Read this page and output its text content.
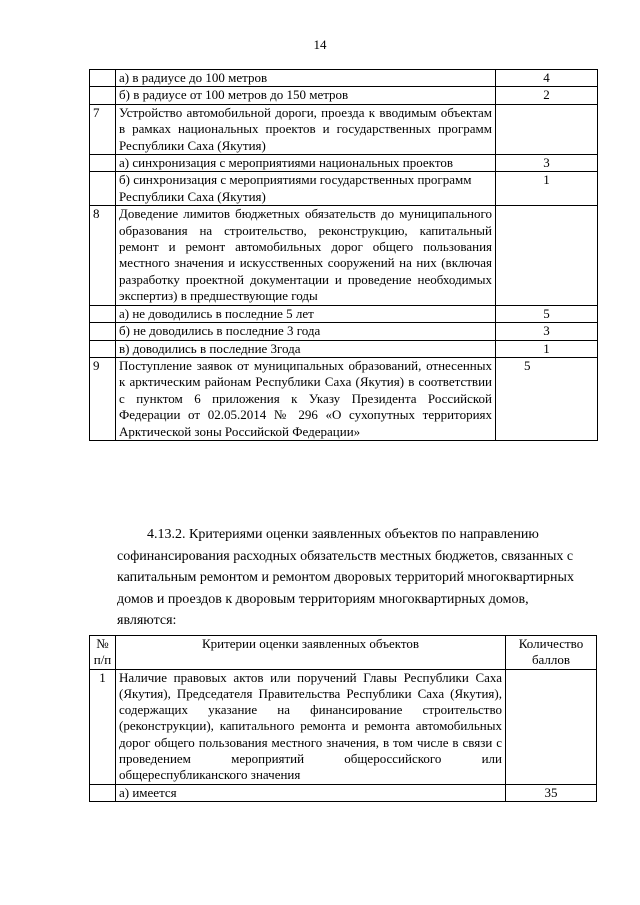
14
	а) в радиусе до 100 метров	4
	б) в радиусе от 100 метров до 150 метров	2
7	Устройство автомобильной дороги, проезда к вводимым объектам в рамках национальных проектов и государственных программ Республики Саха (Якутия)	
	а) синхронизация с мероприятиями национальных проектов	3
	б) синхронизация с мероприятиями государственных программ Республики Саха (Якутия)	1
8	Доведение лимитов бюджетных обязательств до муниципального образования на строительство, реконструкцию, капитальный ремонт и ремонт автомобильных дорог общего пользования местного значения и искусственных сооружений на них (включая разработку проектной документации и проведение необходимых экспертиз) в предшествующие годы	
	а) не доводились в последние 5 лет	5
	б) не доводились в последние 3 года	3
	в) доводились в последние 3года	1
9	Поступление заявок от муниципальных образований, отнесенных к арктическим районам Республики Саха (Якутия) в соответствии с пунктом 6 приложения к Указу Президента Российской Федерации от 02.05.2014 № 296 «О сухопутных территориях Арктической зоны Российской Федерации»	5

4.13.2. Критериями оценки заявленных объектов по направлению
софинансирования расходных обязательств местных бюджетов, связанных с
капитальным ремонтом и ремонтом дворовых территорий многоквартирных
домов и проездов к дворовым территориям многоквартирных домов,
являются:

№ п/п	Критерии оценки заявленных объектов	Количество баллов
1	Наличие правовых актов или поручений Главы Республики Саха (Якутия), Председателя Правительства Республики Саха (Якутия), содержащих указание на финансирование строительство (реконструкции), капитального ремонта и ремонта автомобильных дорог общего пользования местного значения, в том числе в связи с проведением мероприятий общероссийского или общереспубликанского значения	
	а) имеется	35
